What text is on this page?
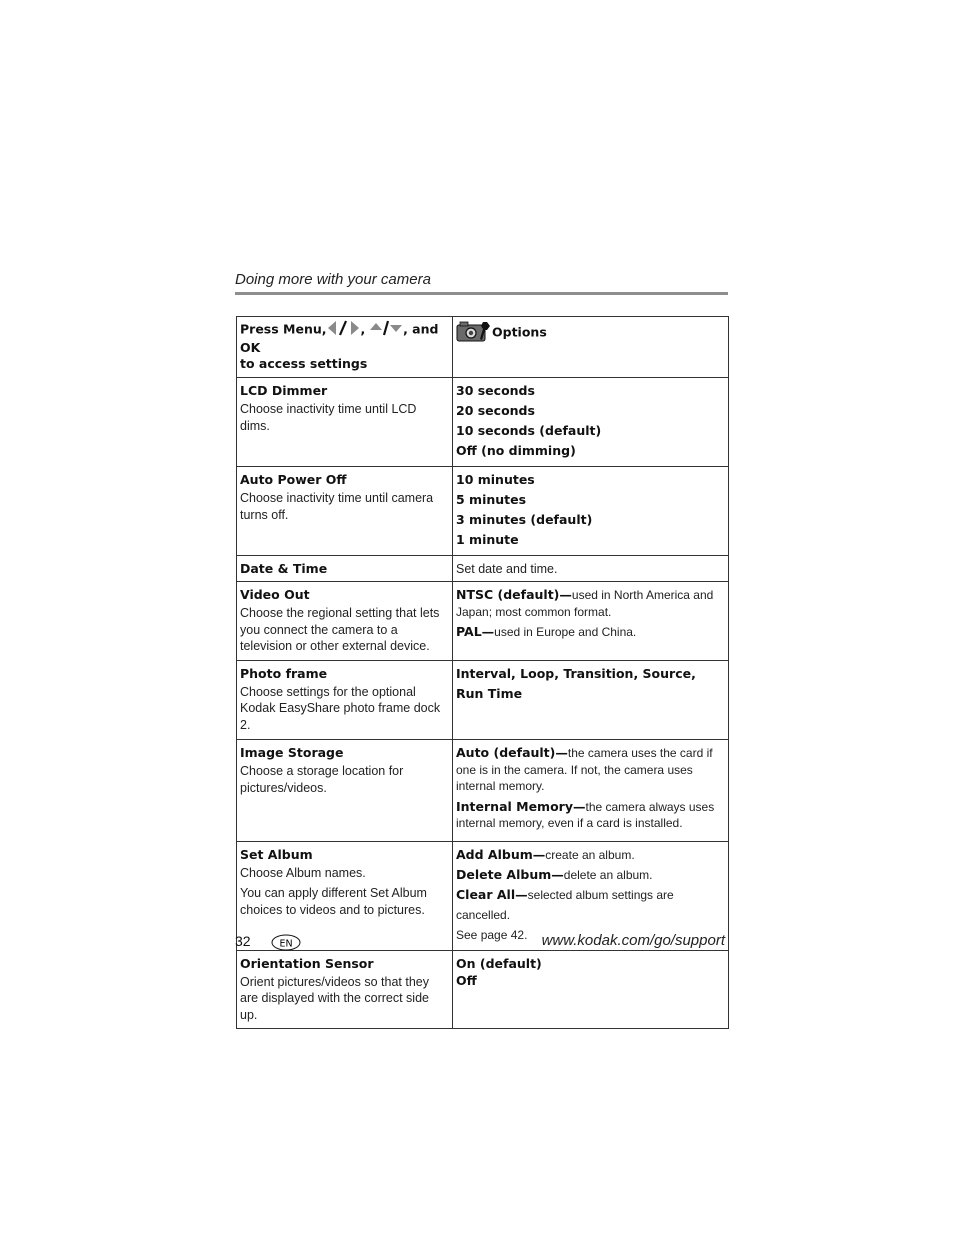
Doing more with your camera
Press Menu, , , and OK
to access settings	Options

LCD Dimmer
Choose inactivity time until LCD dims.	30 seconds
20 seconds
10 seconds (default)
Off (no dimming)

Auto Power Off
Choose inactivity time until camera turns off.	10 minutes
5 minutes
3 minutes (default)
1 minute

Date & Time	Set date and time.

Video Out
Choose the regional setting that lets you connect the camera to a television or other external device.	NTSC (default)—used in North America and Japan; most common format.
PAL—used in Europe and China.

Photo frame
Choose settings for the optional Kodak EasyShare photo frame dock 2.	Interval, Loop, Transition, Source, Run Time

Image Storage
Choose a storage location for pictures/videos.	Auto (default)—the camera uses the card if one is in the camera. If not, the camera uses internal memory.
Internal Memory—the camera always uses internal memory, even if a card is installed.

Set Album
Choose Album names.
You can apply different Set Album choices to videos and to pictures.	Add Album—create an album.
Delete Album—delete an album.
Clear All—selected album settings are cancelled.
See page 42.

Orientation Sensor
Orient pictures/videos so that they are displayed with the correct side up.	On (default)
Off
32	EN	www.kodak.com/go/support
